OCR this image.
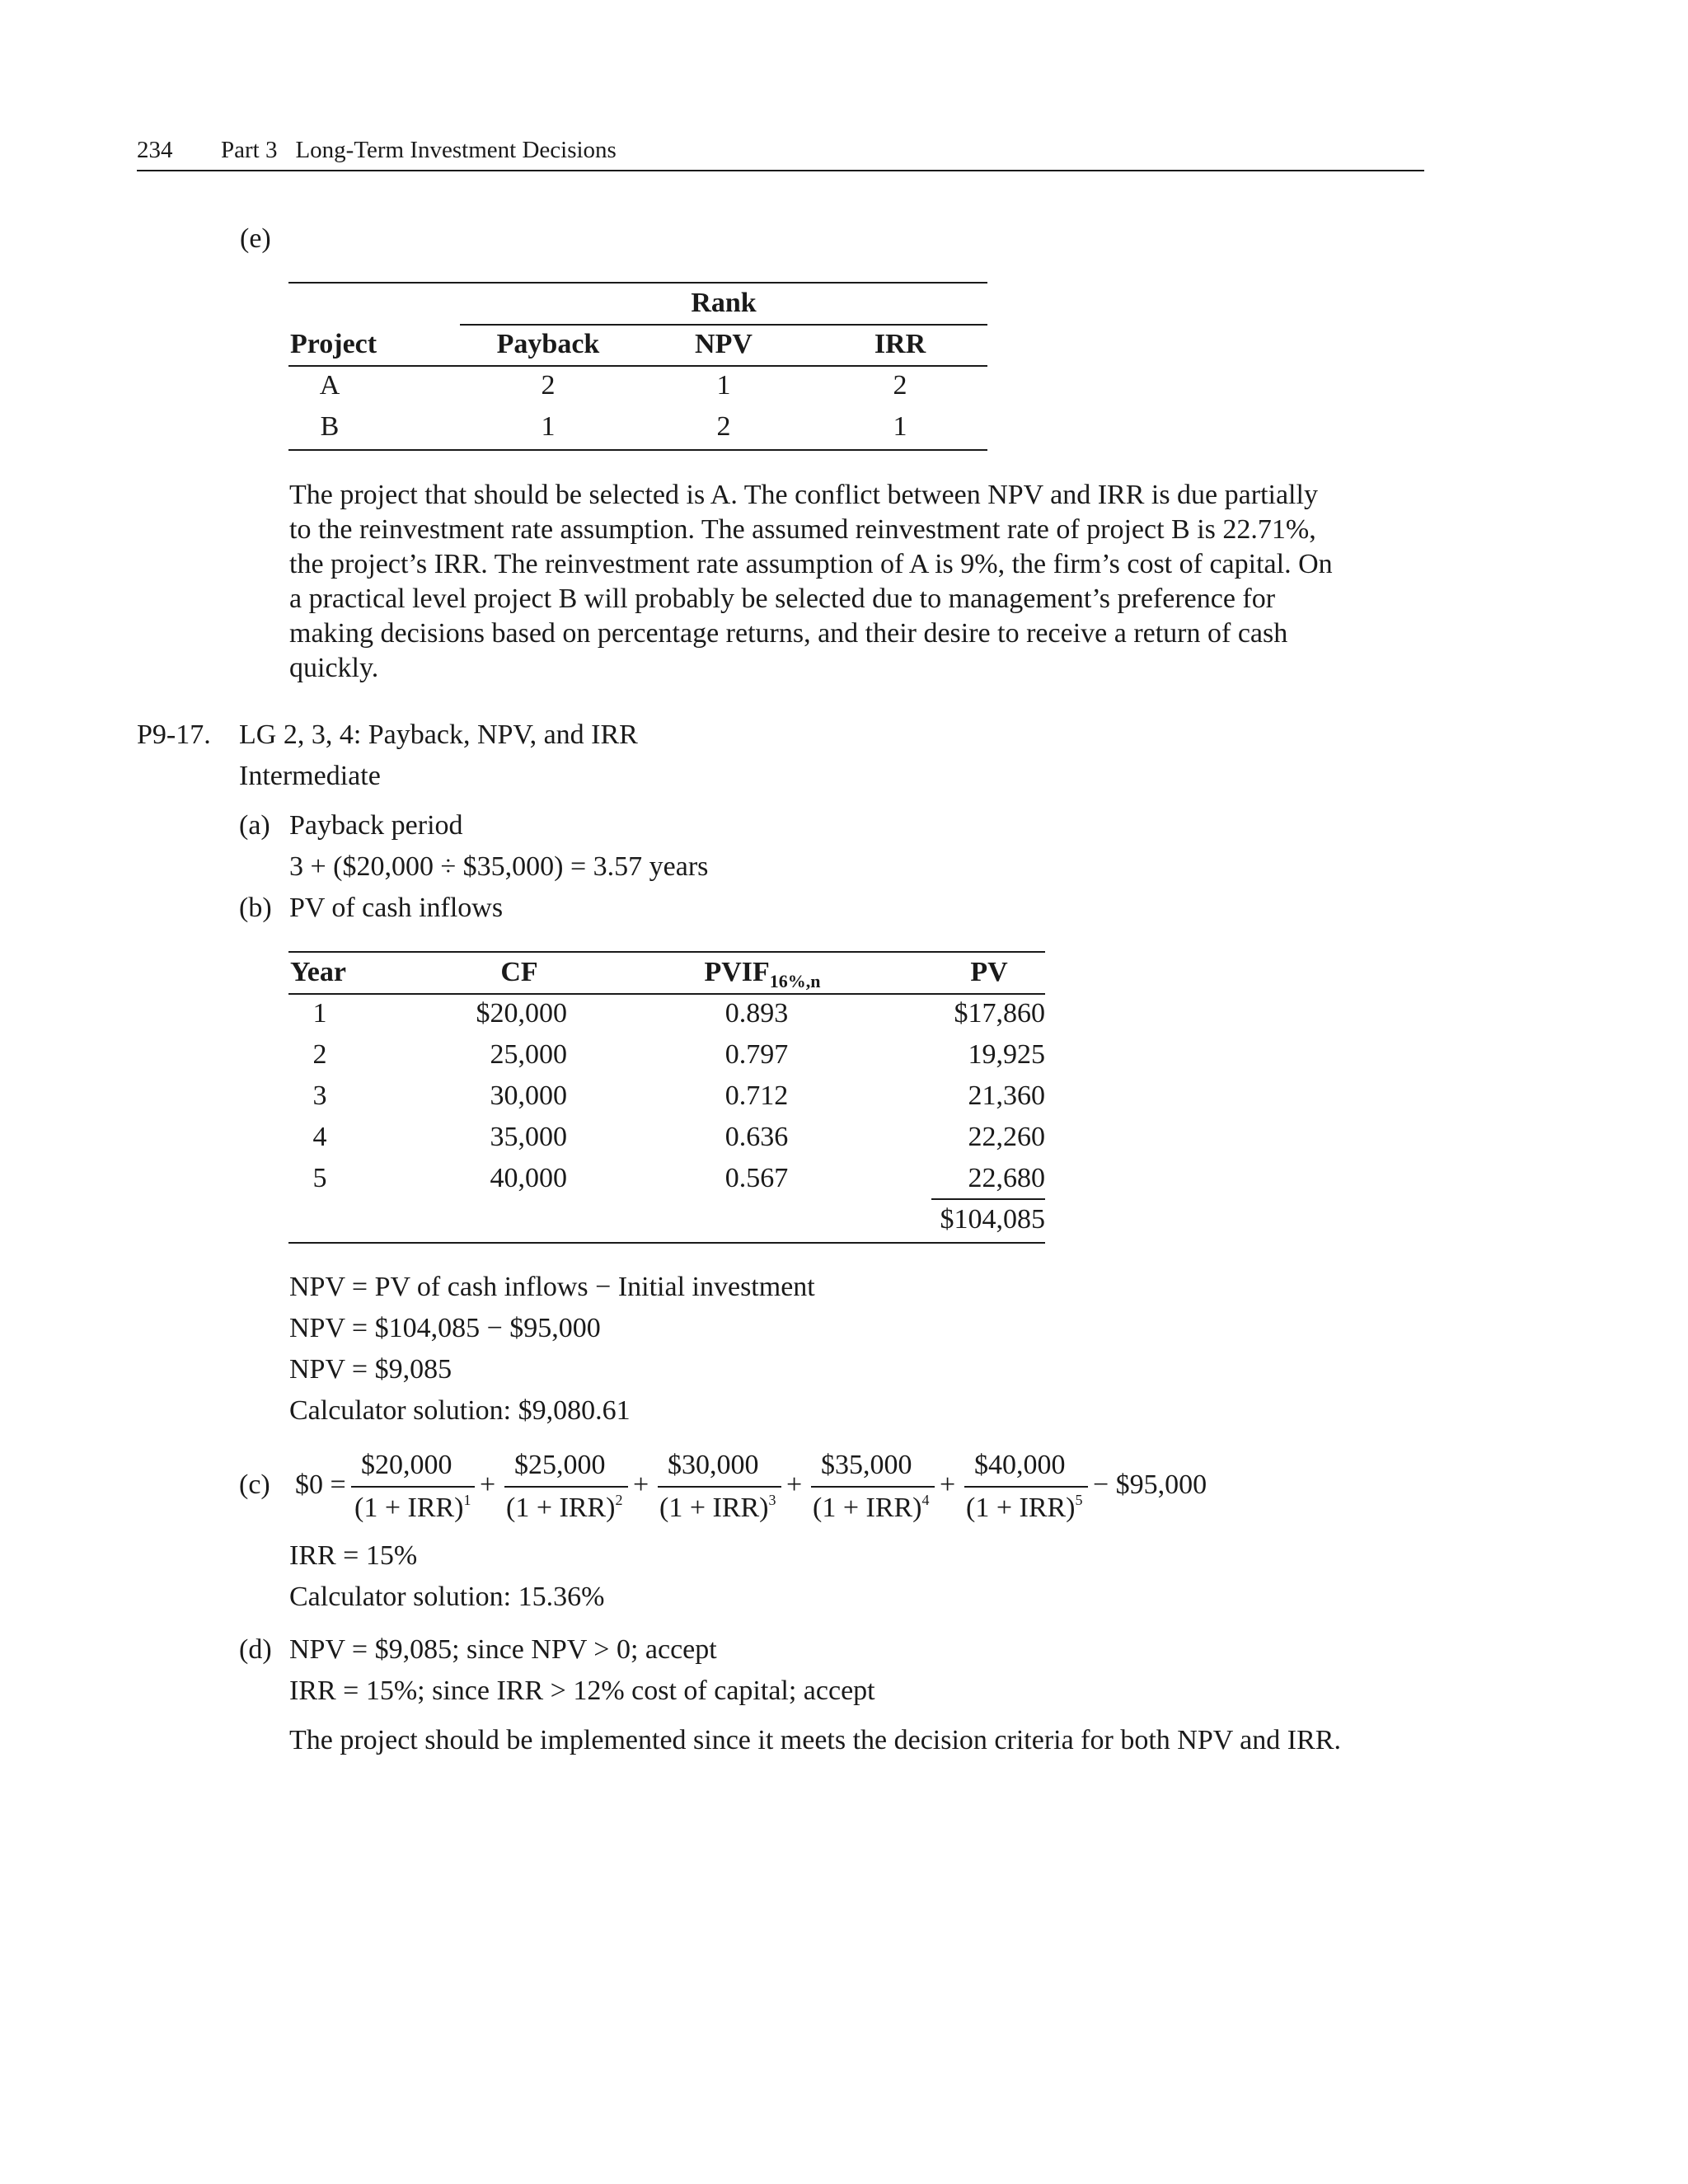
234 Part 3 Long-Term Investment Decisions
(e)
Rank
Project	Payback	NPV	IRR
A	2	1	2
B	1	2	1
The project that should be selected is A. The conflict between NPV and IRR is due partially
to the reinvestment rate assumption. The assumed reinvestment rate of project B is 22.71%,
the project’s IRR. The reinvestment rate assumption of A is 9%, the firm’s cost of capital. On
a practical level project B will probably be selected due to management’s preference for
making decisions based on percentage returns, and their desire to receive a return of cash
quickly.
P9-17. LG 2, 3, 4: Payback, NPV, and IRR
Intermediate
(a) Payback period
3 + ($20,000 ÷ $35,000) = 3.57 years
(b) PV of cash inflows
Year	CF	$PVIF_{16\%,n}$	PV
1	$20,000	0.893	$17,860
2	25,000	0.797	19,925
3	30,000	0.712	21,360
4	35,000	0.636	22,260
5	40,000	0.567	22,680
$104,085
NPV = PV of cash inflows − Initial investment
NPV = $104,085 − $95,000
NPV = $9,085
Calculator solution: $9,080.61
(c) $0 =
$20,000
(1 + IRR)$^1$ +
$25,000
(1 + IRR)$^2$ +
$30,000
(1 + IRR)$^3$ +
$35,000
(1 + IRR)$^4$ +
$40,000
(1 + IRR)$^5$ − $95,000
IRR = 15%
Calculator solution: 15.36%
(d) NPV = $9,085; since NPV > 0; accept
IRR = 15%; since IRR > 12% cost of capital; accept
The project should be implemented since it meets the decision criteria for both NPV and IRR.
